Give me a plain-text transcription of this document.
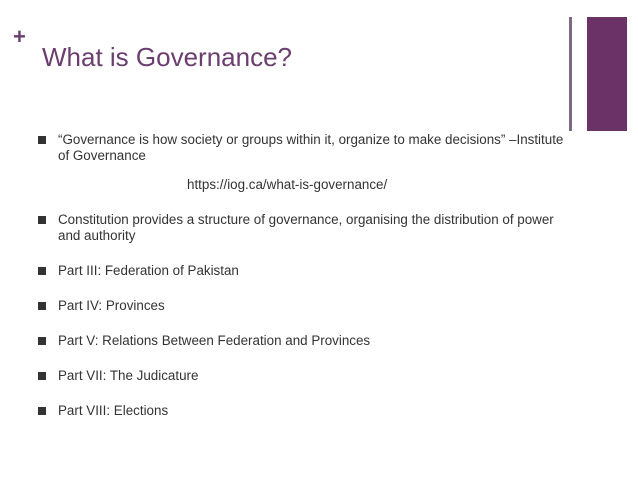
+
What is Governance?
“Governance is how society or groups within it, organize to make decisions” –Institute of Governance
https://iog.ca/what-is-governance/
Constitution provides a structure of governance, organising the distribution of power and authority
Part III: Federation of Pakistan
Part IV: Provinces
Part V: Relations Between Federation and Provinces
Part VII: The Judicature
Part VIII: Elections
